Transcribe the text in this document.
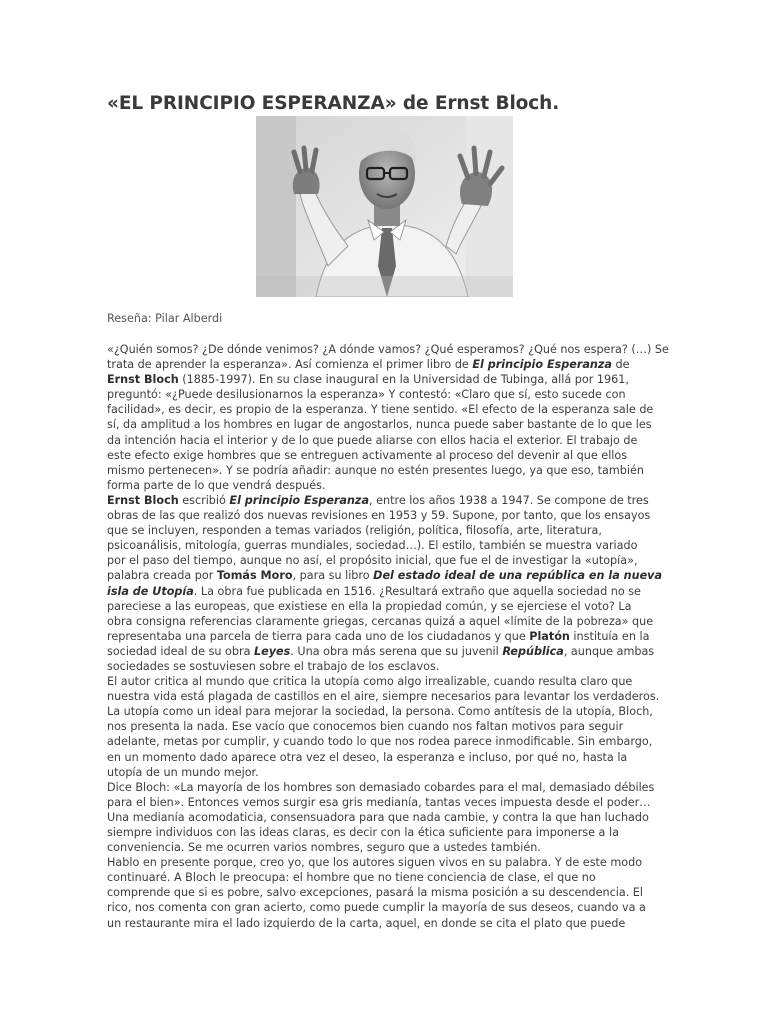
«EL PRINCIPIO ESPERANZA» de Ernst Bloch.
Reseña: Pilar Alberdi
«¿Quién somos? ¿De dónde venimos? ¿A dónde vamos? ¿Qué esperamos? ¿Qué nos espera? (…) Se
trata de aprender la esperanza». Así comienza el primer libro de El principio Esperanza de
Ernst Bloch (1885-1997). En su clase inaugural en la Universidad de Tubinga, allá por 1961,
preguntó: «¿Puede desilusionarnos la esperanza» Y contestó: «Claro que sí, esto sucede con
facilidad», es decir, es propio de la esperanza. Y tiene sentido. «El efecto de la esperanza sale de
sí, da amplitud a los hombres en lugar de angostarlos, nunca puede saber bastante de lo que les
da intención hacia el interior y de lo que puede aliarse con ellos hacia el exterior. El trabajo de
este efecto exige hombres que se entreguen activamente al proceso del devenir al que ellos
mismo pertenecen». Y se podría añadir: aunque no estén presentes luego, ya que eso, también
forma parte de lo que vendrá después.
Ernst Bloch escribió El principio Esperanza, entre los años 1938 a 1947. Se compone de tres
obras de las que realizó dos nuevas revisiones en 1953 y 59. Supone, por tanto, que los ensayos
que se incluyen, responden a temas variados (religión, política, filosofía, arte, literatura,
psicoanálisis, mitología, guerras mundiales, sociedad…). El estilo, también se muestra variado
por el paso del tiempo, aunque no así, el propósito inicial, que fue el de investigar la «utopía»,
palabra creada por Tomás Moro, para su libro Del estado ideal de una república en la nueva
isla de Utopía. La obra fue publicada en 1516. ¿Resultará extraño que aquella sociedad no se
pareciese a las europeas, que existiese en ella la propiedad común, y se ejerciese el voto? La
obra consigna referencias claramente griegas, cercanas quizá a aquel «límite de la pobreza» que
representaba una parcela de tierra para cada uno de los ciudadanos y que Platón instituía en la
sociedad ideal de su obra Leyes. Una obra más serena que su juvenil República, aunque ambas
sociedades se sostuviesen sobre el trabajo de los esclavos.
El autor critica al mundo que critica la utopía como algo irrealizable, cuando resulta claro que
nuestra vida está plagada de castillos en el aire, siempre necesarios para levantar los verdaderos.
La utopía como un ideal para mejorar la sociedad, la persona. Como antítesis de la utopía, Bloch,
nos presenta la nada. Ese vacío que conocemos bien cuando nos faltan motivos para seguir
adelante, metas por cumplir, y cuando todo lo que nos rodea parece inmodificable. Sin embargo,
en un momento dado aparece otra vez el deseo, la esperanza e incluso, por qué no, hasta la
utopía de un mundo mejor.
Dice Bloch: «La mayoría de los hombres son demasiado cobardes para el mal, demasiado débiles
para el bien». Entonces vemos surgir esa gris medianía, tantas veces impuesta desde el poder…
Una medianía acomodaticia, consensuadora para que nada cambie, y contra la que han luchado
siempre individuos con las ideas claras, es decir con la ética suficiente para imponerse a la
conveniencia. Se me ocurren varios nombres, seguro que a ustedes también.
Hablo en presente porque, creo yo, que los autores siguen vivos en su palabra. Y de este modo
continuaré. A Bloch le preocupa: el hombre que no tiene conciencia de clase, el que no
comprende que si es pobre, salvo excepciones, pasará la misma posición a su descendencia. El
rico, nos comenta con gran acierto, como puede cumplir la mayoría de sus deseos, cuando va a
un restaurante mira el lado izquierdo de la carta, aquel, en donde se cita el plato que puede
